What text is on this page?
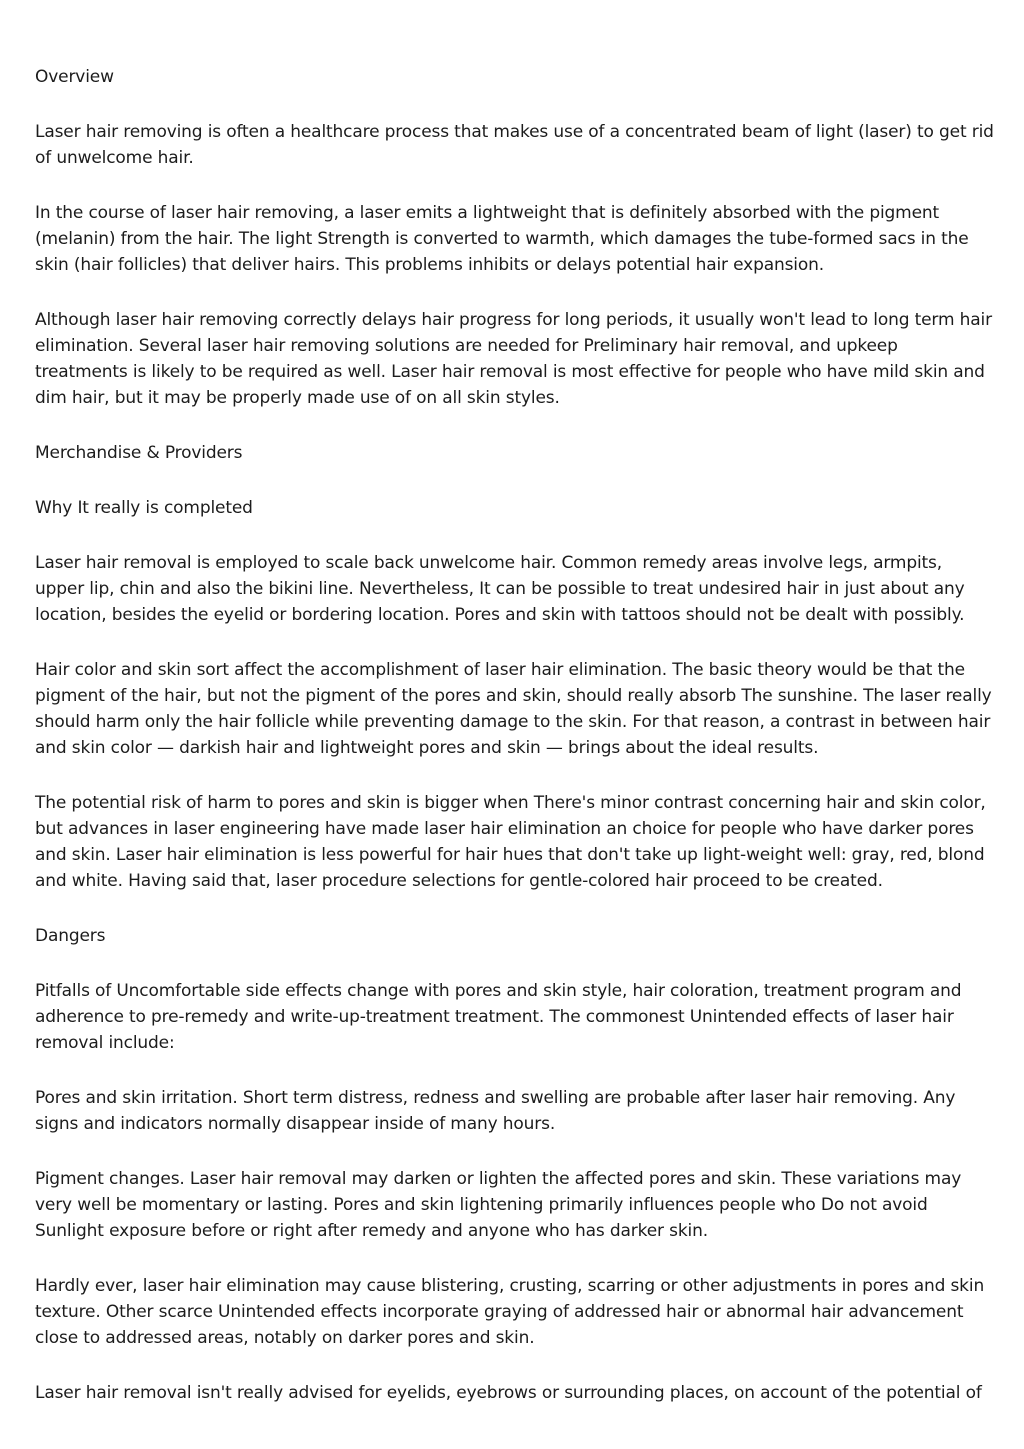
Overview

Laser hair removing is often a healthcare process that makes use of a concentrated beam of light (laser) to get rid of unwelcome hair.

In the course of laser hair removing, a laser emits a lightweight that is definitely absorbed with the pigment (melanin) from the hair. The light Strength is converted to warmth, which damages the tube-formed sacs in the skin (hair follicles) that deliver hairs. This problems inhibits or delays potential hair expansion.

Although laser hair removing correctly delays hair progress for long periods, it usually won't lead to long term hair elimination. Several laser hair removing solutions are needed for Preliminary hair removal, and upkeep treatments is likely to be required as well. Laser hair removal is most effective for people who have mild skin and dim hair, but it may be properly made use of on all skin styles.

Merchandise & Providers

Why It really is completed

Laser hair removal is employed to scale back unwelcome hair. Common remedy areas involve legs, armpits, upper lip, chin and also the bikini line. Nevertheless, It can be possible to treat undesired hair in just about any location, besides the eyelid or bordering location. Pores and skin with tattoos should not be dealt with possibly.

Hair color and skin sort affect the accomplishment of laser hair elimination. The basic theory would be that the pigment of the hair, but not the pigment of the pores and skin, should really absorb The sunshine. The laser really should harm only the hair follicle while preventing damage to the skin. For that reason, a contrast in between hair and skin color — darkish hair and lightweight pores and skin — brings about the ideal results.

The potential risk of harm to pores and skin is bigger when There's minor contrast concerning hair and skin color, but advances in laser engineering have made laser hair elimination an choice for people who have darker pores and skin. Laser hair elimination is less powerful for hair hues that don't take up light-weight well: gray, red, blond and white. Having said that, laser procedure selections for gentle-colored hair proceed to be created.

Dangers

Pitfalls of Uncomfortable side effects change with pores and skin style, hair coloration, treatment program and adherence to pre-remedy and write-up-treatment treatment. The commonest Unintended effects of laser hair removal include:

Pores and skin irritation. Short term distress, redness and swelling are probable after laser hair removing. Any signs and indicators normally disappear inside of many hours.

Pigment changes. Laser hair removal may darken or lighten the affected pores and skin. These variations may very well be momentary or lasting. Pores and skin lightening primarily influences people who Do not avoid Sunlight exposure before or right after remedy and anyone who has darker skin.

Hardly ever, laser hair elimination may cause blistering, crusting, scarring or other adjustments in pores and skin texture. Other scarce Unintended effects incorporate graying of addressed hair or abnormal hair advancement close to addressed areas, notably on darker pores and skin.

Laser hair removal isn't really advised for eyelids, eyebrows or surrounding places, on account of the potential of
